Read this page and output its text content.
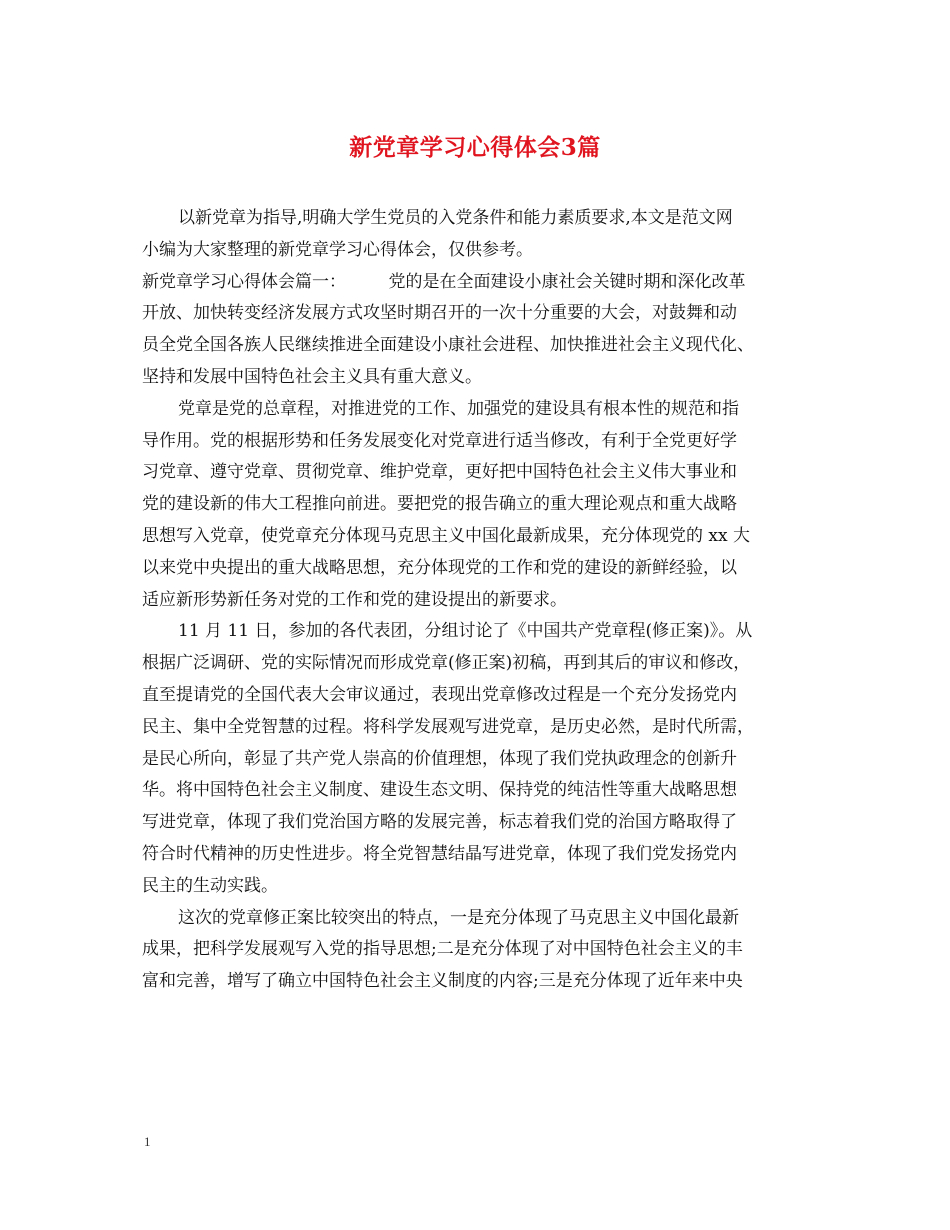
新党章学习心得体会3篇
以新党章为指导,明确大学生党员的入党条件和能力素质要求,本文是范文网
小编为大家整理的新党章学习心得体会，仅供参考。
新党章学习心得体会篇一：　　　党的是在全面建设小康社会关键时期和深化改革
开放、加快转变经济发展方式攻坚时期召开的一次十分重要的大会，对鼓舞和动
员全党全国各族人民继续推进全面建设小康社会进程、加快推进社会主义现代化、
坚持和发展中国特色社会主义具有重大意义。
党章是党的总章程，对推进党的工作、加强党的建设具有根本性的规范和指
导作用。党的根据形势和任务发展变化对党章进行适当修改，有利于全党更好学
习党章、遵守党章、贯彻党章、维护党章，更好把中国特色社会主义伟大事业和
党的建设新的伟大工程推向前进。要把党的报告确立的重大理论观点和重大战略
思想写入党章，使党章充分体现马克思主义中国化最新成果，充分体现党的 xx 大
以来党中央提出的重大战略思想，充分体现党的工作和党的建设的新鲜经验，以
适应新形势新任务对党的工作和党的建设提出的新要求。
11 月 11 日，参加的各代表团，分组讨论了《中国共产党章程(修正案)》。从
根据广泛调研、党的实际情况而形成党章(修正案)初稿，再到其后的审议和修改，
直至提请党的全国代表大会审议通过，表现出党章修改过程是一个充分发扬党内
民主、集中全党智慧的过程。将科学发展观写进党章，是历史必然，是时代所需，
是民心所向，彰显了共产党人崇高的价值理想，体现了我们党执政理念的创新升
华。将中国特色社会主义制度、建设生态文明、保持党的纯洁性等重大战略思想
写进党章，体现了我们党治国方略的发展完善，标志着我们党的治国方略取得了
符合时代精神的历史性进步。将全党智慧结晶写进党章，体现了我们党发扬党内
民主的生动实践。
这次的党章修正案比较突出的特点，一是充分体现了马克思主义中国化最新
成果，把科学发展观写入党的指导思想;二是充分体现了对中国特色社会主义的丰
富和完善，增写了确立中国特色社会主义制度的内容;三是充分体现了近年来中央
1
